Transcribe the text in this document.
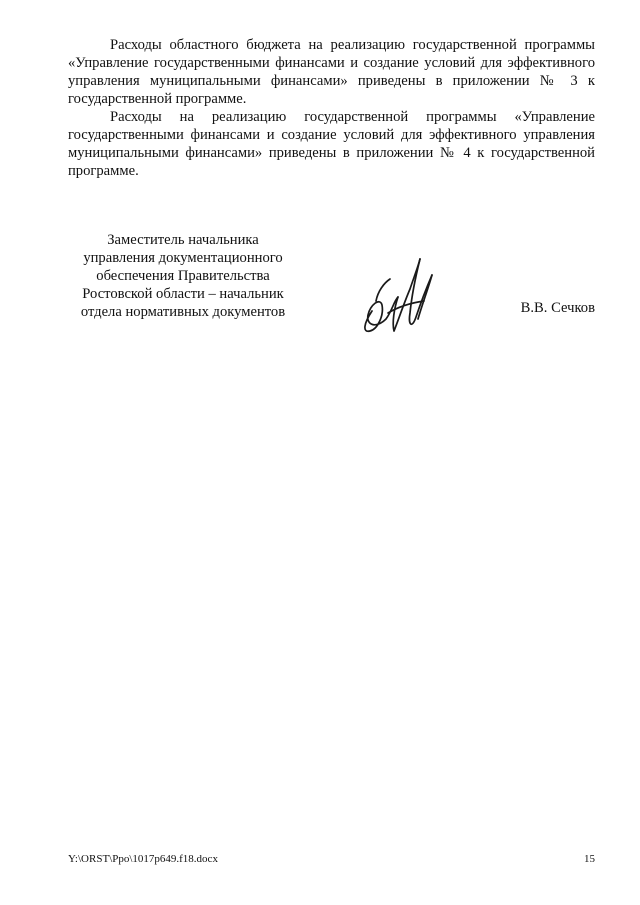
Расходы областного бюджета на реализацию государственной программы «Управление государственными финансами и создание условий для эффективного управления муниципальными финансами» приведены в приложении № 3 к государственной программе.

Расходы на реализацию государственной программы «Управление государственными финансами и создание условий для эффективного управления муниципальными финансами» приведены в приложении № 4 к государственной программе.

Заместитель начальника
управления документационного
обеспечения Правительства
Ростовской области – начальник
отдела нормативных документов	В.В. Сечков
Y:\ORST\Ppo\1017p649.f18.docx	15
